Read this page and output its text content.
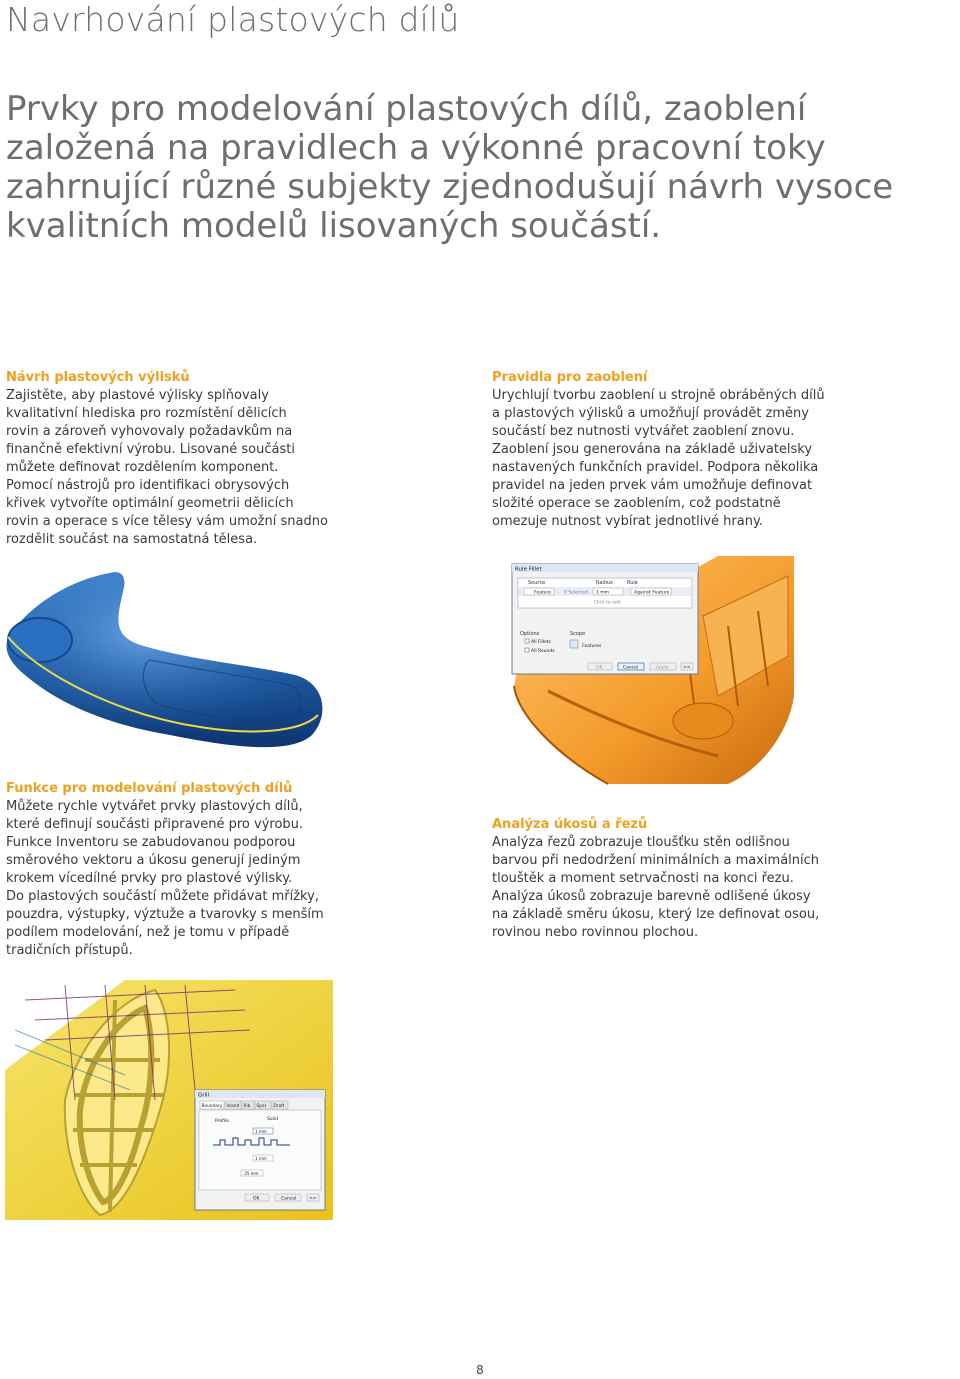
Navrhování plastových dílů
Prvky pro modelování plastových dílů, zaoblení založená na pravidlech a výkonné pracovní toky zahrnující různé subjekty zjednodušují návrh vysoce kvalitních modelů lisovaných součástí.
Návrh plastových výlisků
Zajistěte, aby plastové výlisky splňovaly
kvalitativní hlediska pro rozmístění dělicích
rovin a zároveň vyhovovaly požadavkům na
finančně efektivní výrobu. Lisované součásti
můžete definovat rozdělením komponent.
Pomocí nástrojů pro identifikaci obrysových
křivek vytvoříte optimální geometrii dělicích
rovin a operace s více tělesy vám umožní snadno
rozdělit součást na samostatná tělesa.
Pravidla pro zaoblení
Urychlují tvorbu zaoblení u strojně obráběných dílů
a plastových výlisků a umožňují provádět změny
součástí bez nutnosti vytvářet zaoblení znovu.
Zaoblení jsou generována na základě uživatelsky
nastavených funkčních pravidel. Podpora několika
pravidel na jeden prvek vám umožňuje definovat
složité operace se zaoblením, což podstatně
omezuje nutnost vybírat jednotlivé hrany.
Rule Fillet
Source	Radius	Rule
Feature	0 Selected 1 mm	Against Feature
Click to add
Options
All Fillets
All Rounds
Scope
Features
OK	Cancel	Apply	>>
Funkce pro modelování plastových dílů
Můžete rychle vytvářet prvky plastových dílů,
které definují součásti připravené pro výrobu.
Funkce Inventoru se zabudovanou podporou
směrového vektoru a úkosu generují jediným
krokem vícedílné prvky pro plastové výlisky.
Do plastových součástí můžete přidávat mřížky,
pouzdra, výstupky, výztuže a tvarovky s menším
podílem modelování, než je tomu v případě
tradičních přístupů.
Analýza úkosů a řezů
Analýza řezů zobrazuje tloušťku stěn odlišnou
barvou při nedodržení minimálních a maximálních
tlouštěk a moment setrvačnosti na konci řezu.
Analýza úkosů zobrazuje barevně odlišené úkosy
na základě směru úkosu, který lze definovat osou,
rovinou nebo rovinnou plochou.
Grill
Boundary Island Rib Spar Draft
Profile	Solid
1 mm
1 mm
.35 mm
OK	Cancel	>>
8
